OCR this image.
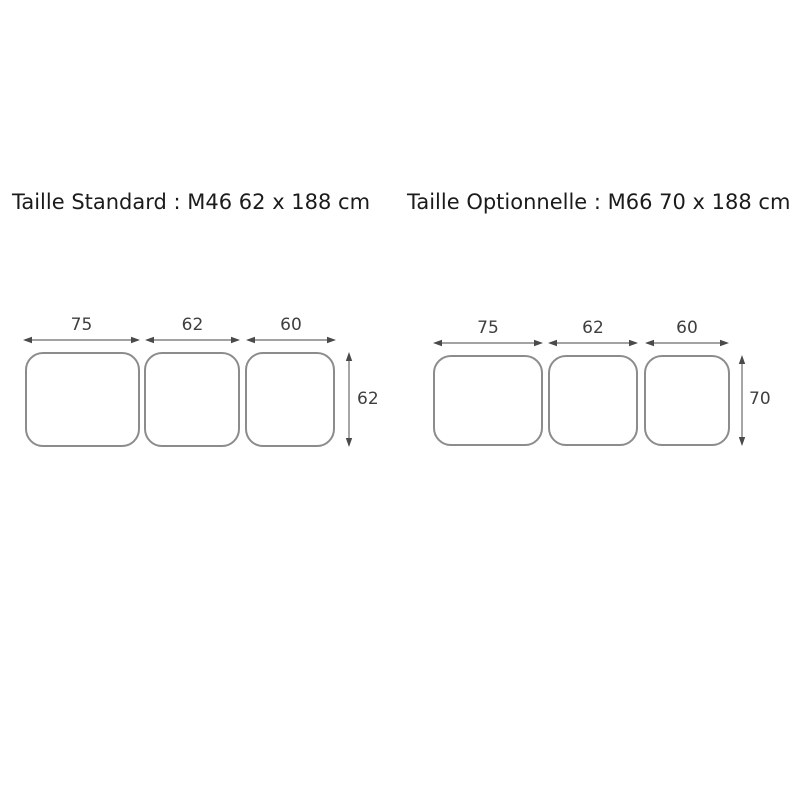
Taille Standard : M46 62 x 188 cm Taille Optionnelle : M66 70 x 188 cm
75	62	60
62
75	62	60
70
